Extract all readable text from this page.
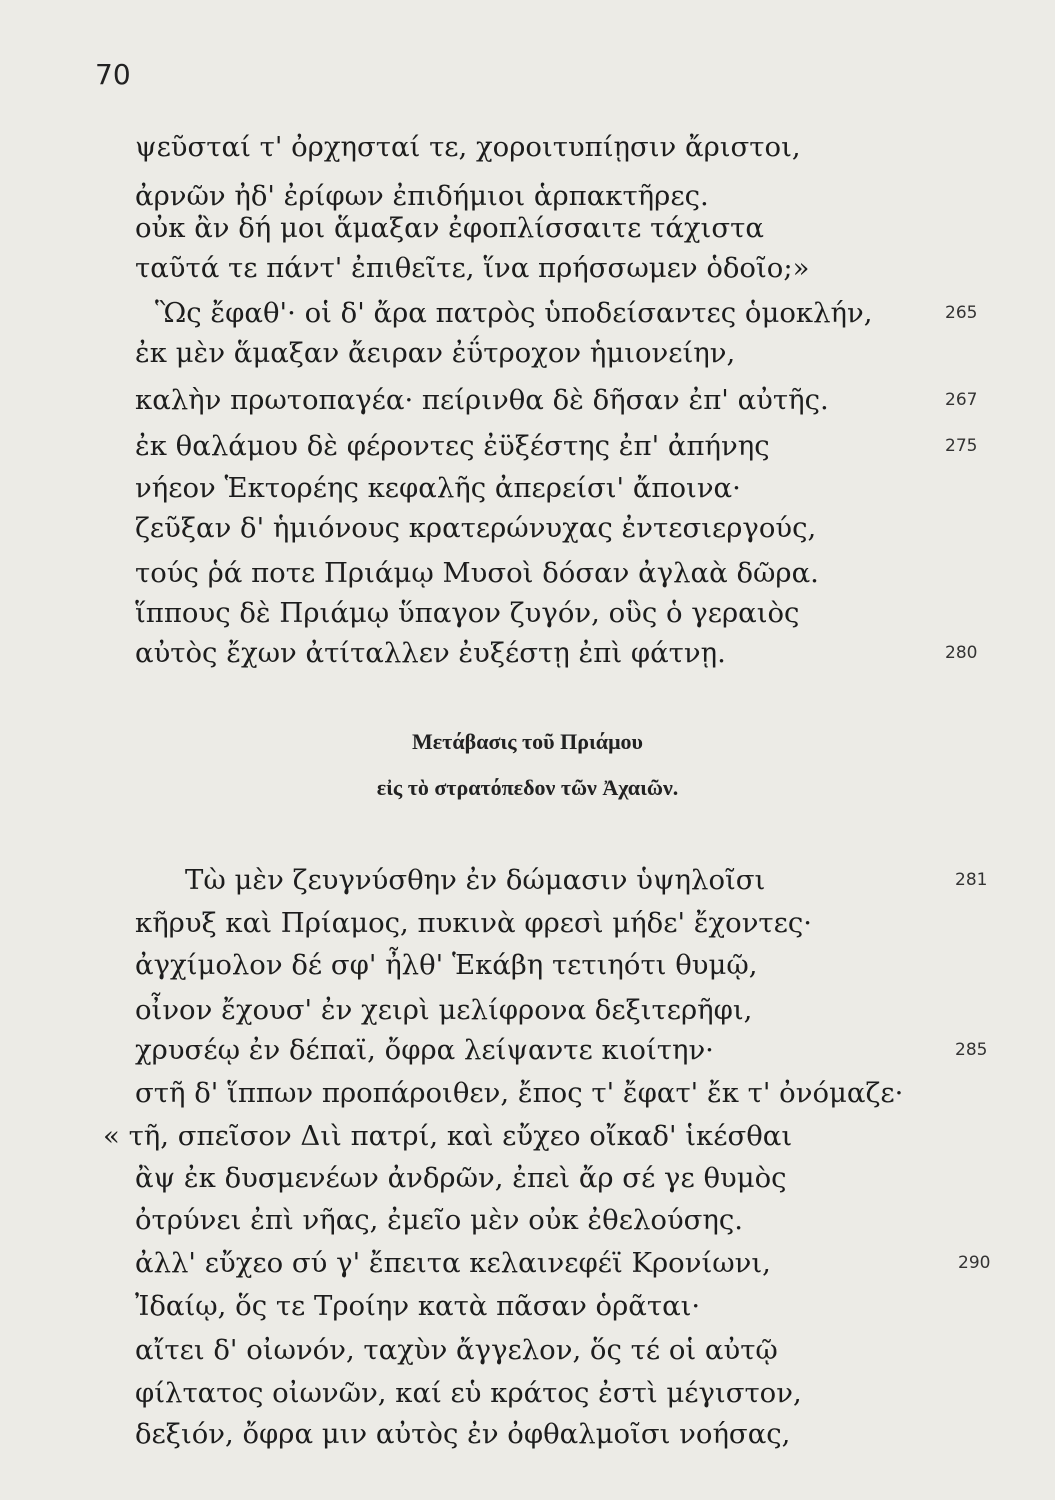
70
ψεῦσταί τ' ὀρχησταί τε, χοροιτυπίῃσιν ἄριστοι,
ἀρνῶν ἠδ' ἐρίφων ἐπιδήμιοι ἁρπακτῆρες.
οὐκ ἂν δή μοι ἅμαξαν ἐφοπλίσσαιτε τάχιστα
ταῦτά τε πάντ' ἐπιθεῖτε, ἵνα πρήσσωμεν ὁδοῖο;»
Ὣς ἔφαθ'· οἱ δ' ἄρα πατρὸς ὑποδείσαντες ὁμοκλήν,	265
ἐκ μὲν ἅμαξαν ἄειραν ἐΰτροχον ἡμιονείην,
καλὴν πρωτοπαγέα· πείρινθα δὲ δῆσαν ἐπ' αὐτῆς.	267
ἐκ θαλάμου δὲ φέροντες ἐϋξέστης ἐπ' ἀπήνης	275
νήεον Ἑκτορέης κεφαλῆς ἀπερείσι' ἄποινα·
ζεῦξαν δ' ἡμιόνους κρατερώνυχας ἐντεσιεργούς,
τούς ῥά ποτε Πριάμῳ Μυσοὶ δόσαν ἀγλαὰ δῶρα.
ἵππους δὲ Πριάμῳ ὕπαγον ζυγόν, οὓς ὁ γεραιὸς
αὐτὸς ἔχων ἀτίταλλεν ἐυξέστῃ ἐπὶ φάτνῃ.	280
Μετάβασις τοῦ Πριάμου
εἰς τὸ στρατόπεδον τῶν Ἀχαιῶν.
Τὼ μὲν ζευγνύσθην ἐν δώμασιν ὑψηλοῖσι	281
κῆρυξ καὶ Πρίαμος, πυκινὰ φρεσὶ μήδε' ἔχοντες·
ἀγχίμολον δέ σφ' ἦλθ' Ἑκάβη τετιηότι θυμῷ,
οἶνον ἔχουσ' ἐν χειρὶ μελίφρονα δεξιτερῆφι,
χρυσέῳ ἐν δέπαϊ, ὄφρα λείψαντε κιοίτην·	285
στῆ δ' ἵππων προπάροιθεν, ἔπος τ' ἔφατ' ἔκ τ' ὀνόμαζε·
« τῆ, σπεῖσον Διὶ πατρί, καὶ εὔχεο οἴκαδ' ἱκέσθαι
ἂψ ἐκ δυσμενέων ἀνδρῶν, ἐπεὶ ἄρ σέ γε θυμὸς
ὀτρύνει ἐπὶ νῆας, ἐμεῖο μὲν οὐκ ἐθελούσης.
ἀλλ' εὔχεο σύ γ' ἔπειτα κελαινεφέϊ Κρονίωνι,	290
Ἰδαίῳ, ὅς τε Τροίην κατὰ πᾶσαν ὁρᾶται·
αἴτει δ' οἰωνόν, ταχὺν ἄγγελον, ὅς τέ οἱ αὐτῷ
φίλτατος οἰωνῶν, καί εὑ κράτος ἐστὶ μέγιστον,
δεξιόν, ὄφρα μιν αὐτὸς ἐν ὀφθαλμοῖσι νοήσας,
